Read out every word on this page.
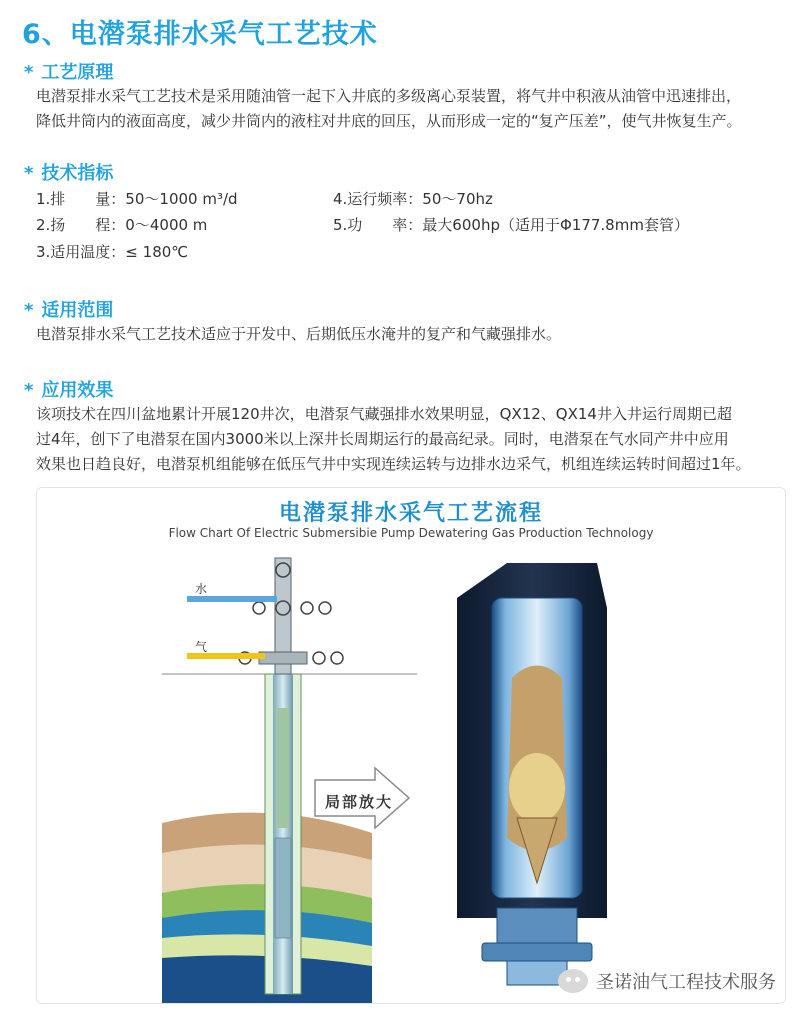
6、电潜泵排水采气工艺技术
* 工艺原理
电潜泵排水采气工艺技术是采用随油管一起下入井底的多级离心泵装置，将气井中积液从油管中迅速排出，
降低井筒内的液面高度，减少井筒内的液柱对井底的回压，从而形成一定的“复产压差”，使气井恢复生产。
* 技术指标
1.排　　量：50～1000 m³/d
2.扬　　程：0～4000 m
3.适用温度：≤ 180℃
4.运行频率：50～70hz
5.功　　率：最大600hp（适用于Φ177.8mm套管）
* 适用范围
电潜泵排水采气工艺技术适应于开发中、后期低压水淹井的复产和气藏强排水。
* 应用效果
该项技术在四川盆地累计开展120井次，电潜泵气藏强排水效果明显，QX12、QX14井入井运行周期已超
过4年，创下了电潜泵在国内3000米以上深井长周期运行的最高纪录。同时，电潜泵在气水同产井中应用
效果也日趋良好，电潜泵机组能够在低压气井中实现连续运转与边排水边采气，机组连续运转时间超过1年。
电潜泵排水采气工艺流程
Flow Chart Of Electric Submersibie Pump Dewatering Gas Production Technology
水
气
局部放大
圣诺油气工程技术服务
